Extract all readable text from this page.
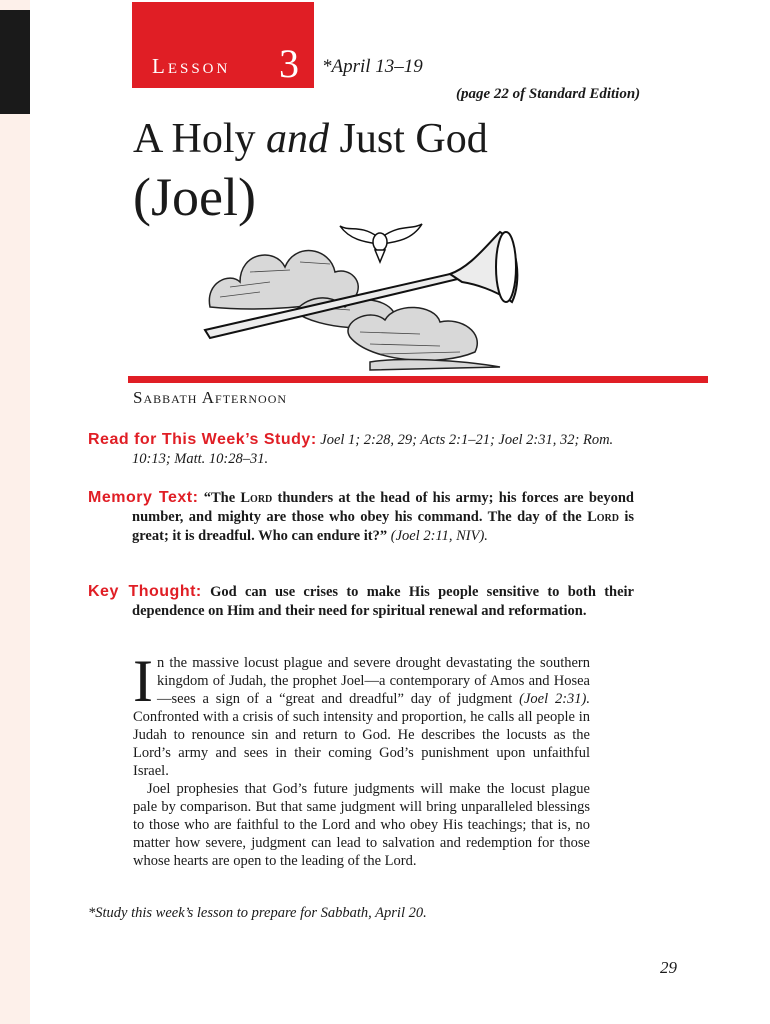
Lesson 3 *April 13–19
(page 22 of Standard Edition)
A Holy and Just God
(Joel)
Sabbath Afternoon
Read for This Week’s Study: Joel 1; 2:28, 29; Acts 2:1–21; Joel 2:31, 32; Rom. 10:13; Matt. 10:28–31.
Memory Text: “The Lord thunders at the head of his army; his forces are beyond number, and mighty are those who obey his command. The day of the Lord is great; it is dreadful. Who can endure it?” (Joel 2:11, NIV).
Key Thought: God can use crises to make His people sensitive to both their dependence on Him and their need for spiritual renewal and reformation.

In the massive locust plague and severe drought devastating the southern kingdom of Judah, the prophet Joel—a contemporary of Amos and Hosea—sees a sign of a “great and dreadful” day of judgment (Joel 2:31). Confronted with a crisis of such intensity and proportion, he calls all people in Judah to renounce sin and return to God. He describes the locusts as the Lord’s army and sees in their coming God’s punishment upon unfaithful Israel.

Joel prophesies that God’s future judgments will make the locust plague pale by comparison. But that same judgment will bring unparalleled blessings to those who are faithful to the Lord and who obey His teachings; that is, no matter how severe, judgment can lead to salvation and redemption for those whose hearts are open to the leading of the Lord.

*Study this week’s lesson to prepare for Sabbath, April 20.
29
